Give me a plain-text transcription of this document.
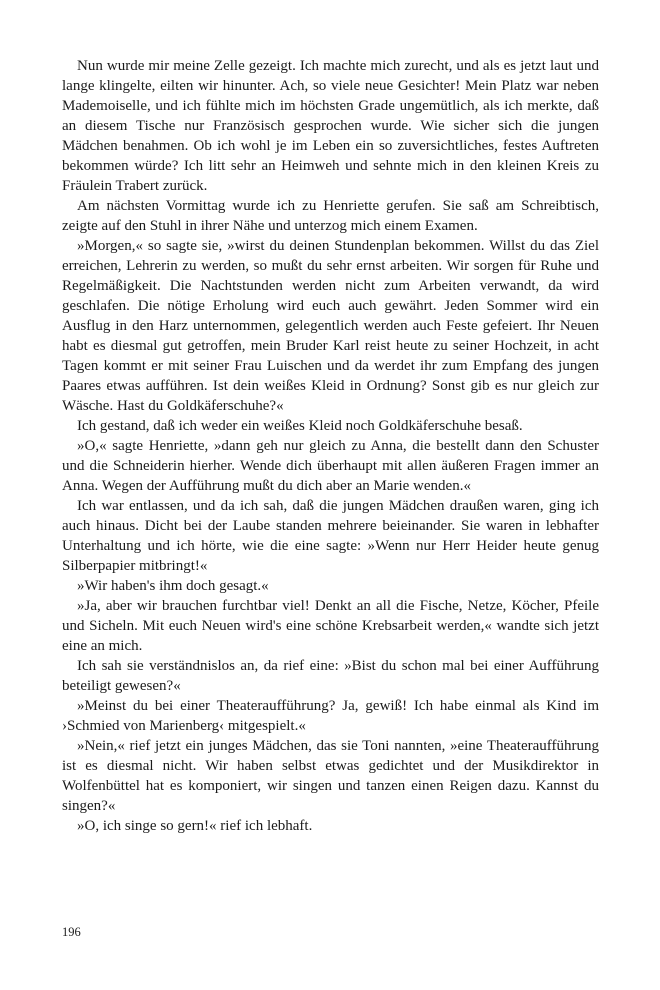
Nun wurde mir meine Zelle gezeigt. Ich machte mich zurecht, und als es jetzt laut und lange klingelte, eilten wir hinunter. Ach, so viele neue Gesichter! Mein Platz war neben Mademoiselle, und ich fühlte mich im höchsten Grade ungemütlich, als ich merkte, daß an diesem Tische nur Französisch gesprochen wurde. Wie sicher sich die jungen Mädchen benahmen. Ob ich wohl je im Leben ein so zuversichtliches, festes Auftreten bekommen würde? Ich litt sehr an Heimweh und sehnte mich in den kleinen Kreis zu Fräulein Trabert zurück.

Am nächsten Vormittag wurde ich zu Henriette gerufen. Sie saß am Schreibtisch, zeigte auf den Stuhl in ihrer Nähe und unterzog mich einem Examen.

»Morgen,« so sagte sie, »wirst du deinen Stundenplan bekommen. Willst du das Ziel erreichen, Lehrerin zu werden, so mußt du sehr ernst arbeiten. Wir sorgen für Ruhe und Regelmäßigkeit. Die Nachtstunden werden nicht zum Arbeiten verwandt, da wird geschlafen. Die nötige Erholung wird euch auch gewährt. Jeden Sommer wird ein Ausflug in den Harz unternommen, gelegentlich werden auch Feste gefeiert. Ihr Neuen habt es diesmal gut getroffen, mein Bruder Karl reist heute zu seiner Hochzeit, in acht Tagen kommt er mit seiner Frau Luischen und da werdet ihr zum Empfang des jungen Paares etwas aufführen. Ist dein weißes Kleid in Ordnung? Sonst gib es nur gleich zur Wäsche. Hast du Goldkäferschuhe?«

Ich gestand, daß ich weder ein weißes Kleid noch Goldkäferschuhe besaß.

»O,« sagte Henriette, »dann geh nur gleich zu Anna, die bestellt dann den Schuster und die Schneiderin hierher. Wende dich überhaupt mit allen äußeren Fragen immer an Anna. Wegen der Aufführung mußt du dich aber an Marie wenden.«

Ich war entlassen, und da ich sah, daß die jungen Mädchen draußen waren, ging ich auch hinaus. Dicht bei der Laube standen mehrere beieinander. Sie waren in lebhafter Unterhaltung und ich hörte, wie die eine sagte: »Wenn nur Herr Heider heute genug Silberpapier mitbringt!«

»Wir haben's ihm doch gesagt.«

»Ja, aber wir brauchen furchtbar viel! Denkt an all die Fische, Netze, Köcher, Pfeile und Sicheln. Mit euch Neuen wird's eine schöne Krebsarbeit werden,« wandte sich jetzt eine an mich.

Ich sah sie verständnislos an, da rief eine: »Bist du schon mal bei einer Aufführung beteiligt gewesen?«

»Meinst du bei einer Theateraufführung? Ja, gewiß! Ich habe einmal als Kind im ›Schmied von Marienberg‹ mitgespielt.«

»Nein,« rief jetzt ein junges Mädchen, das sie Toni nannten, »eine Theateraufführung ist es diesmal nicht. Wir haben selbst etwas gedichtet und der Musikdirektor in Wolfenbüttel hat es komponiert, wir singen und tanzen einen Reigen dazu. Kannst du singen?«

»O, ich singe so gern!« rief ich lebhaft.

196
